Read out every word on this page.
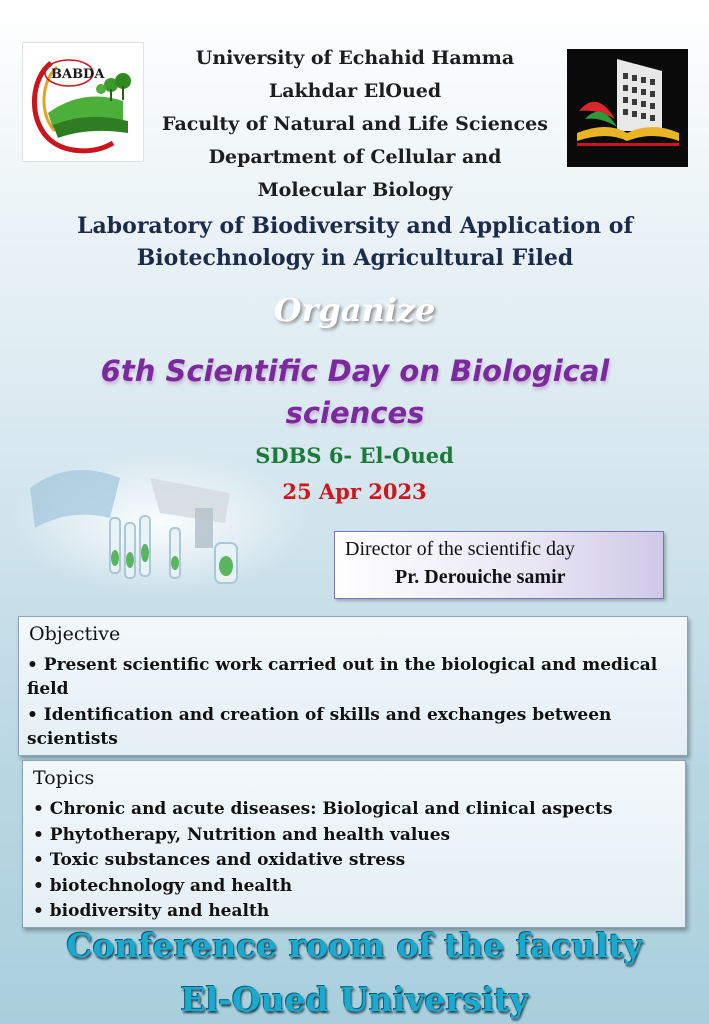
BABDA
University of Echahid Hamma
Lakhdar ElOued
Faculty of Natural and Life Sciences
Department of Cellular and
Molecular Biology
Laboratory of Biodiversity and Application of
Biotechnology in Agricultural Filed
Organize
6th Scientific Day on Biological
sciences
SDBS 6- El-Oued
25 Apr 2023
Director of the scientific day
Pr. Derouiche samir
Objective
• Present scientific work carried out in the biological and medical field
• Identification and creation of skills and exchanges between scientists
Topics
• Chronic and acute diseases: Biological and clinical aspects
• Phytotherapy, Nutrition and health values
• Toxic substances and oxidative stress
• biotechnology and health
• biodiversity and health
Conference room of the faculty
El-Oued University
